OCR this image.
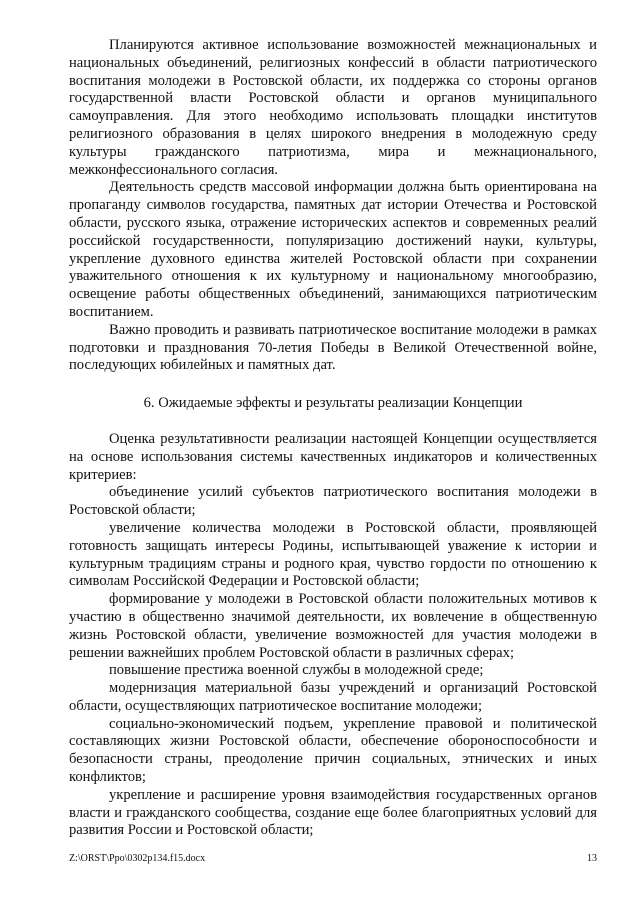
Планируются активное использование возможностей межнациональных и национальных объединений, религиозных конфессий в области патриотического воспитания молодежи в Ростовской области, их поддержка со стороны органов государственной власти Ростовской области и органов муниципального самоуправления. Для этого необходимо использовать площадки институтов религиозного образования в целях широкого внедрения в молодежную среду культуры гражданского патриотизма, мира и межнационального, межконфессионального согласия.

Деятельность средств массовой информации должна быть ориентирована на пропаганду символов государства, памятных дат истории Отечества и Ростовской области, русского языка, отражение исторических аспектов и современных реалий российской государственности, популяризацию достижений науки, культуры, укрепление духовного единства жителей Ростовской области при сохранении уважительного отношения к их культурному и национальному многообразию, освещение работы общественных объединений, занимающихся патриотическим воспитанием.

Важно проводить и развивать патриотическое воспитание молодежи в рамках подготовки и празднования 70-летия Победы в Великой Отечественной войне, последующих юбилейных и памятных дат.

6. Ожидаемые эффекты и результаты реализации Концепции

Оценка результативности реализации настоящей Концепции осуществляется на основе использования системы качественных индикаторов и количественных критериев:

объединение усилий субъектов патриотического воспитания молодежи в Ростовской области;

увеличение количества молодежи в Ростовской области, проявляющей готовность защищать интересы Родины, испытывающей уважение к истории и культурным традициям страны и родного края, чувство гордости по отношению к символам Российской Федерации и Ростовской области;

формирование у молодежи в Ростовской области положительных мотивов к участию в общественно значимой деятельности, их вовлечение в общественную жизнь Ростовской области, увеличение возможностей для участия молодежи в решении важнейших проблем Ростовской области в различных сферах;

повышение престижа военной службы в молодежной среде;

модернизация материальной базы учреждений и организаций Ростовской области, осуществляющих патриотическое воспитание молодежи;

социально-экономический подъем, укрепление правовой и политической составляющих жизни Ростовской области, обеспечение обороноспособности и безопасности страны, преодоление причин социальных, этнических и иных конфликтов;

укрепление и расширение уровня взаимодействия государственных органов власти и гражданского сообщества, создание еще более благоприятных условий для развития России и Ростовской области;

Z:\ORST\Ppo\0302p134.f15.docx	13
